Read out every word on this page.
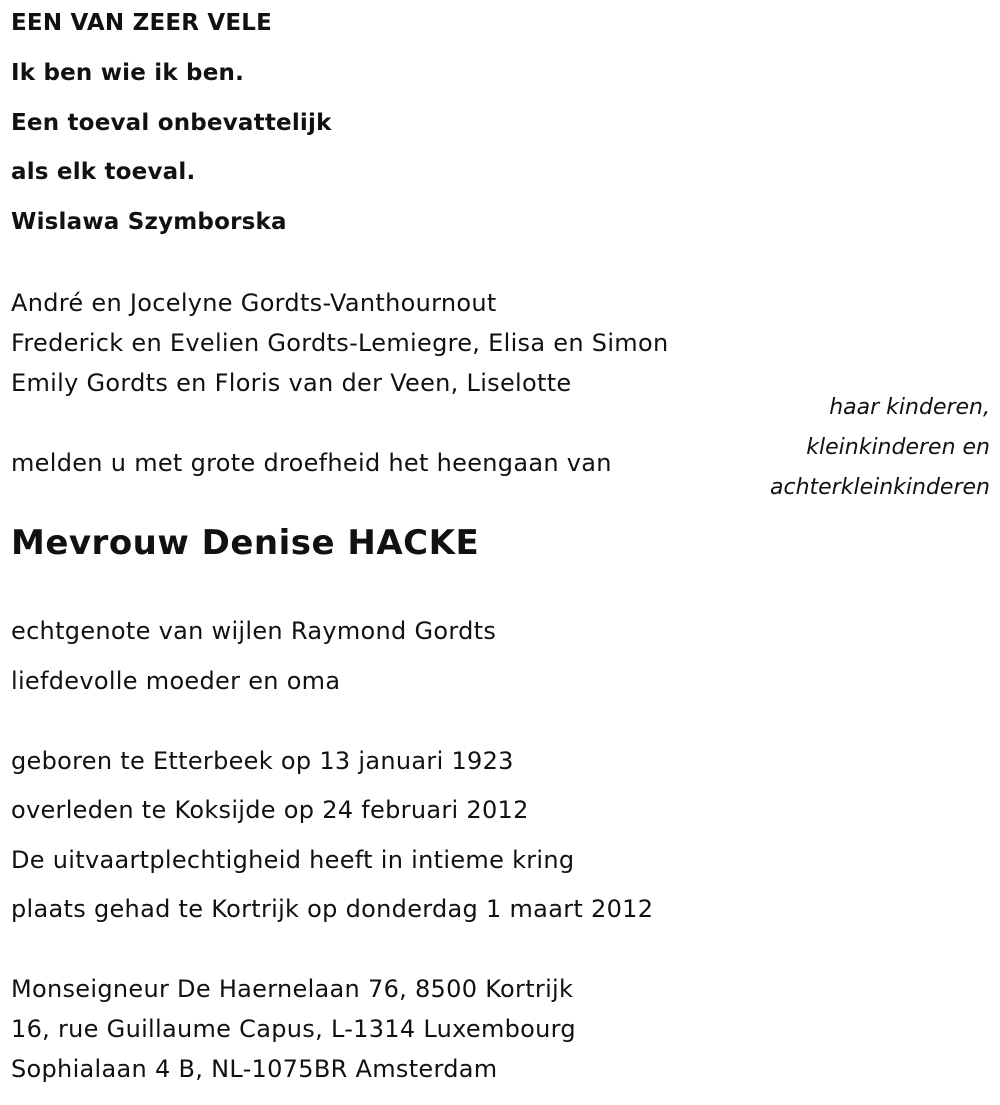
EEN VAN ZEER VELE
Ik ben wie ik ben.
Een toeval onbevattelijk
als elk toeval.
Wislawa Szymborska
André en Jocelyne Gordts-Vanthournout
Frederick en Evelien Gordts-Lemiegre, Elisa en Simon
Emily Gordts en Floris van der Veen, Liselotte
haar kinderen,
kleinkinderen en
achterkleinkinderen
melden u met grote droefheid het heengaan van
Mevrouw Denise HACKE
echtgenote van wijlen Raymond Gordts
liefdevolle moeder en oma
geboren te Etterbeek op 13 januari 1923
overleden te Koksijde op 24 februari 2012
De uitvaartplechtigheid heeft in intieme kring
plaats gehad te Kortrijk op donderdag 1 maart 2012
Monseigneur De Haernelaan 76, 8500 Kortrijk
16, rue Guillaume Capus, L-1314 Luxembourg
Sophialaan 4 B, NL-1075BR Amsterdam
